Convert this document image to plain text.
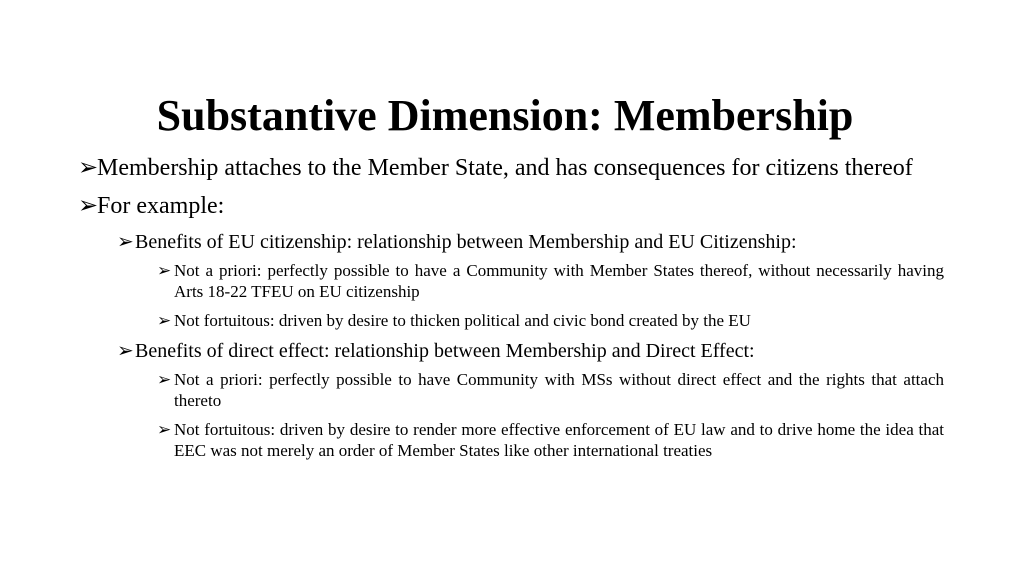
Substantive Dimension: Membership
➢
Membership attaches to the Member State, and has consequences for citizens thereof
➢
For example:
➢ Benefits of EU citizenship: relationship between Membership and EU Citizenship:
➢ Not a priori: perfectly possible to have a Community with Member States thereof, without necessarily having Arts 18-22 TFEU on EU citizenship
➢ Not fortuitous: driven by desire to thicken political and civic bond created by the EU
➢ Benefits of direct effect: relationship between Membership and Direct Effect:
➢ Not a priori: perfectly possible to have Community with MSs without direct effect and the rights that attach thereto
➢ Not fortuitous: driven by desire to render more effective enforcement of EU law and to drive home the idea that EEC was not merely an order of Member States like other international treaties
